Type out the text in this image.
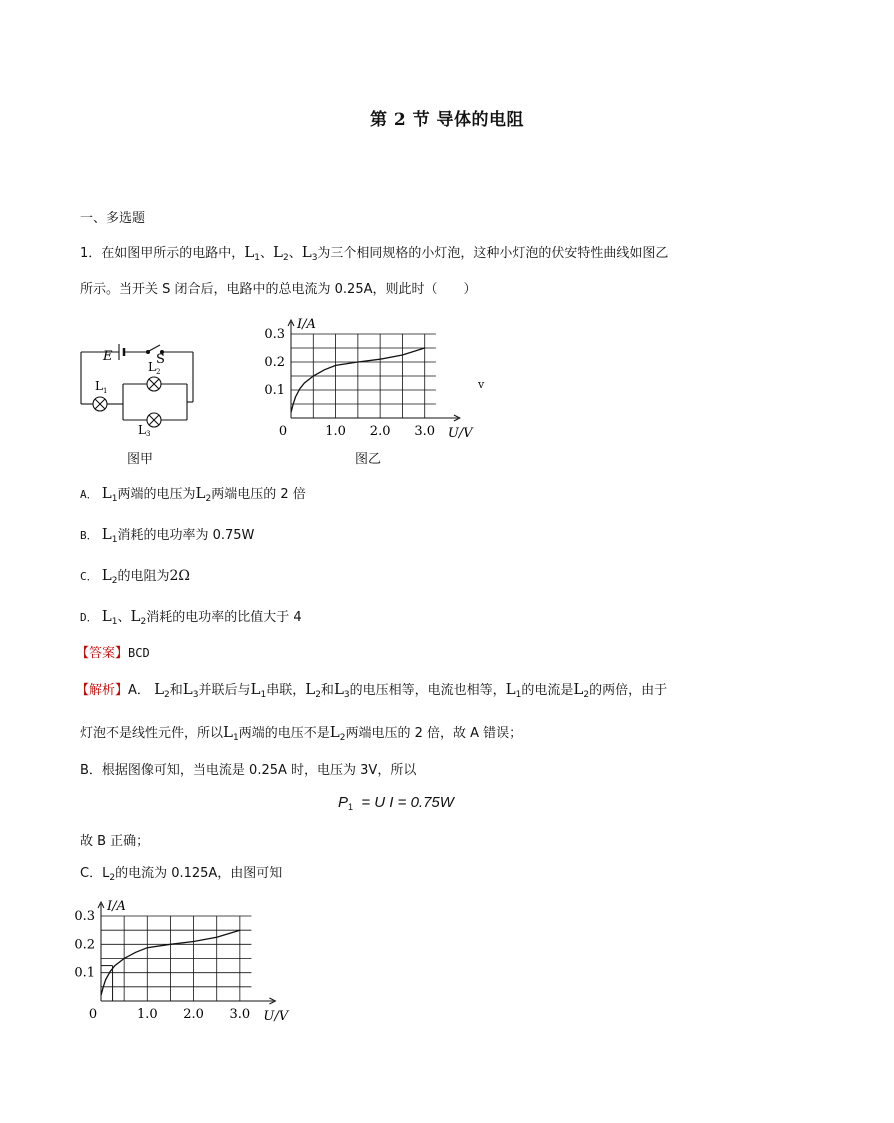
第 2 节 导体的电阻
一、多选题
1．在如图甲所示的电路中，$L_1$、$L_2$、$L_3$为三个相同规格的小灯泡，这种小灯泡的伏安特性曲线如图乙
所示。当开关 S 闭合后，电路中的总电流为 0.25A，则此时（　　）
E	S
L 1
L 2
L 3
图甲
0	1.0 2.0 3.0
0.1
0.2
0.3
I/A
U/V
图乙
v
A． $L_1$两端的电压为$L_2$两端电压的 2 倍
B． $L_1$消耗的电功率为 0.75W
C． $L_2$的电阻为2Ω
D． $L_1$、$L_2$消耗的电功率的比值大于 4
【答案】BCD
【解析】A． $L_2$和$L_3$并联后与$L_1$串联，$L_2$和$L_3$的电压相等，电流也相等，$L_1$的电流是$L_2$的两倍，由于
灯泡不是线性元件，所以$L_1$两端的电压不是$L_2$两端电压的 2 倍，故 A 错误；
B．根据图像可知，当电流是 0.25A 时，电压为 3V，所以
$P_1 = U$ I = 0.75W
故 B 正确；
C．$L_2$的电流为 0.125A，由图可知
0	1.0 2.0 3.0
0.1
0.2
0.3
I/A
U/V
